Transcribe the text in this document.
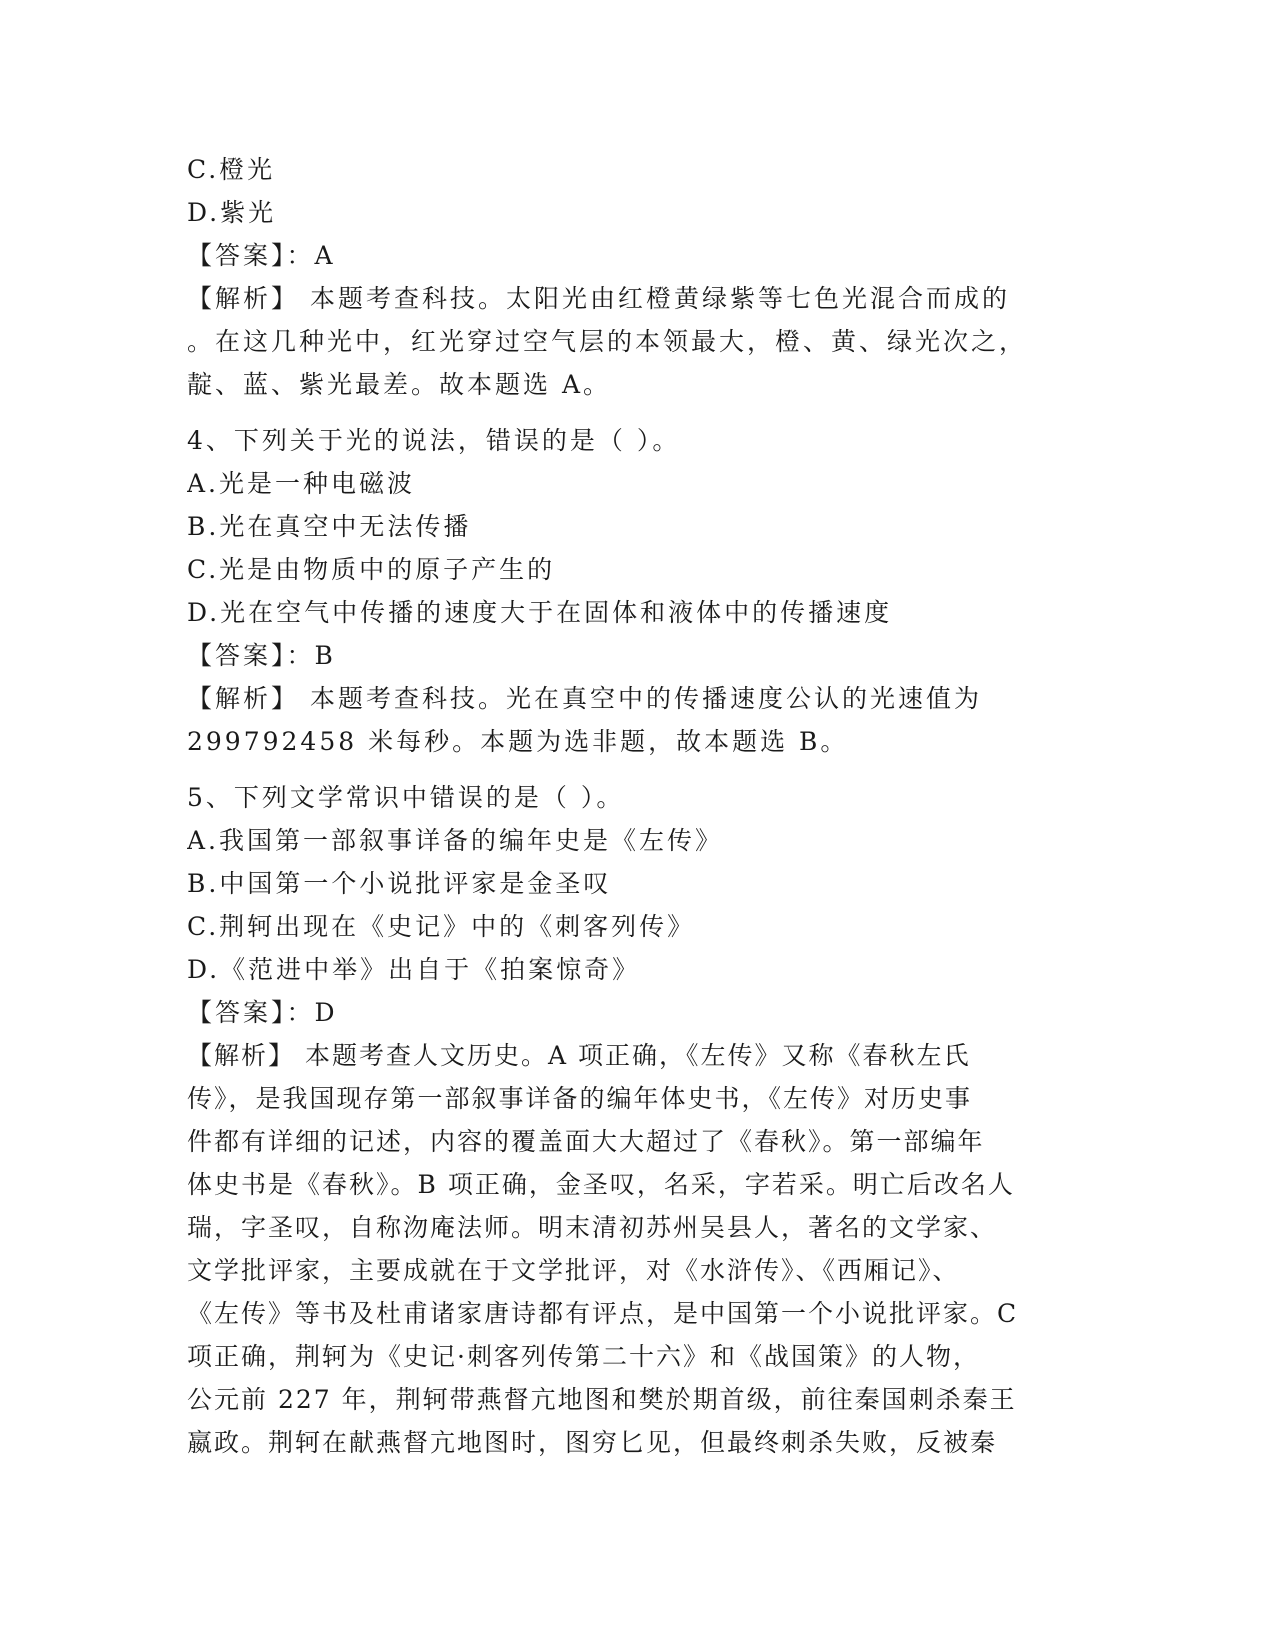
C.橙光
D.紫光
【答案】：A
【解析】 本题考查科技。太阳光由红橙黄绿紫等七色光混合而成的
。在这几种光中，红光穿过空气层的本领最大，橙、黄、绿光次之，
靛、蓝、紫光最差。故本题选 A。
4、下列关于光的说法，错误的是（ ）。
A.光是一种电磁波
B.光在真空中无法传播
C.光是由物质中的原子产生的
D.光在空气中传播的速度大于在固体和液体中的传播速度
【答案】：B
【解析】 本题考查科技。光在真空中的传播速度公认的光速值为
299792458 米每秒。本题为选非题，故本题选 B。
5、下列文学常识中错误的是（ ）。
A.我国第一部叙事详备的编年史是《左传》
B.中国第一个小说批评家是金圣叹
C.荆轲出现在《史记》中的《刺客列传》
D.《范进中举》出自于《拍案惊奇》
【答案】：D
【解析】 本题考查人文历史。A 项正确，《左传》又称《春秋左氏
传》，是我国现存第一部叙事详备的编年体史书，《左传》对历史事
件都有详细的记述，内容的覆盖面大大超过了《春秋》。第一部编年
体史书是《春秋》。B 项正确，金圣叹，名采，字若采。明亡后改名人
瑞，字圣叹，自称沕庵法师。明末清初苏州吴县人，著名的文学家、
文学批评家，主要成就在于文学批评，对《水浒传》、《西厢记》、
《左传》等书及杜甫诸家唐诗都有评点，是中国第一个小说批评家。C
项正确，荆轲为《史记·刺客列传第二十六》和《战国策》的人物，
公元前 227 年，荆轲带燕督亢地图和樊於期首级，前往秦国刺杀秦王
嬴政。荆轲在献燕督亢地图时，图穷匕见，但最终刺杀失败，反被秦
